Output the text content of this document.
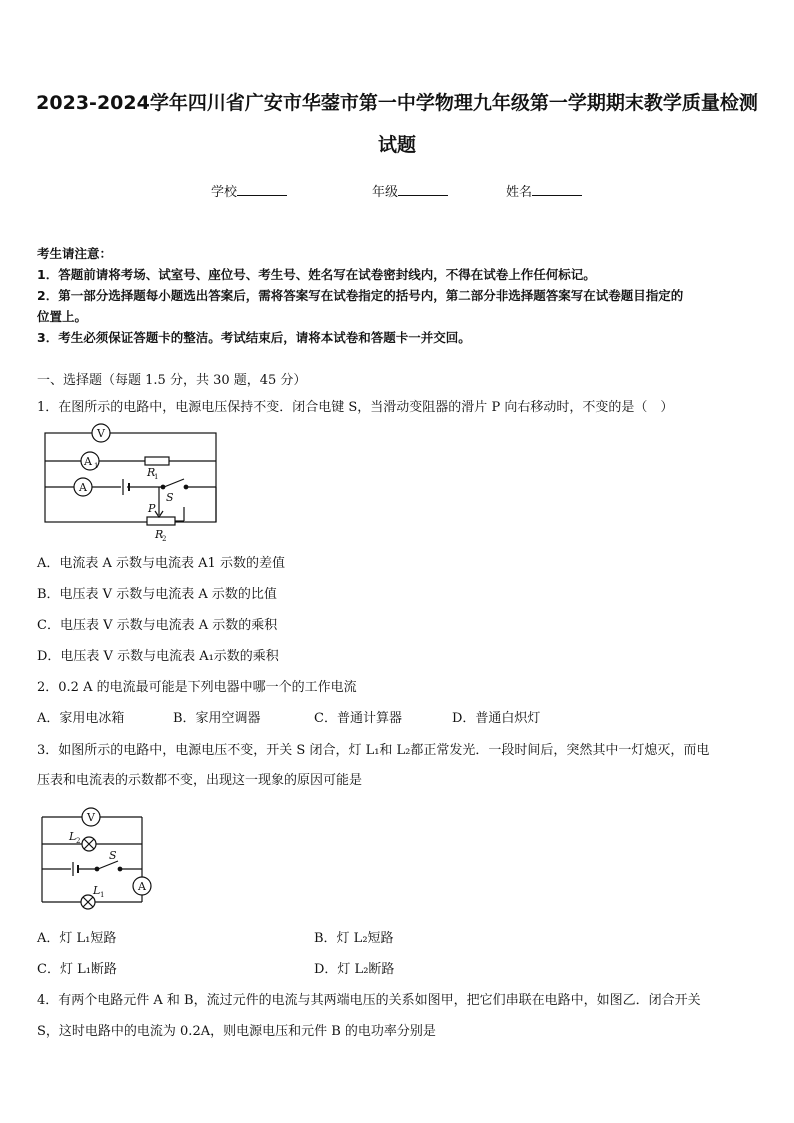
2023-2024学年四川省广安市华蓥市第一中学物理九年级第一学期期末教学质量检测
试题
学校	年级	姓名
考生请注意：
1．答题前请将考场、试室号、座位号、考生号、姓名写在试卷密封线内，不得在试卷上作任何标记。
2．第一部分选择题每小题选出答案后，需将答案写在试卷指定的括号内，第二部分非选择题答案写在试卷题目指定的
位置上。
3．考生必须保证答题卡的整洁。考试结束后，请将本试卷和答题卡一并交回。
一、选择题（每题 1.5 分，共 30 题，45 分）
1．在图所示的电路中，电源电压保持不变．闭合电键 S，当滑动变阻器的滑片 P 向右移动时，不变的是（　）
V
A 1
A
R
1
S
P
R
2
A．电流表 A 示数与电流表 A1 示数的差值
B．电压表 V 示数与电流表 A 示数的比值
C．电压表 V 示数与电流表 A 示数的乘积
D．电压表 V 示数与电流表 A₁示数的乘积
2．0.2 A 的电流最可能是下列电器中哪一个的工作电流
A．家用电冰箱	B．家用空调器	C．普通计算器	D．普通白炽灯
3．如图所示的电路中，电源电压不变，开关 S 闭合，灯 L₁和 L₂都正常发光．一段时间后，突然其中一灯熄灭，而电
压表和电流表的示数都不变，出现这一现象的原因可能是
V
L 2
S
L 1
A
A．灯 L₁短路	B．灯 L₂短路
C．灯 L₁断路	D．灯 L₂断路
4．有两个电路元件 A 和 B，流过元件的电流与其两端电压的关系如图甲，把它们串联在电路中，如图乙．闭合开关
S，这时电路中的电流为 0.2A，则电源电压和元件 B 的电功率分别是
